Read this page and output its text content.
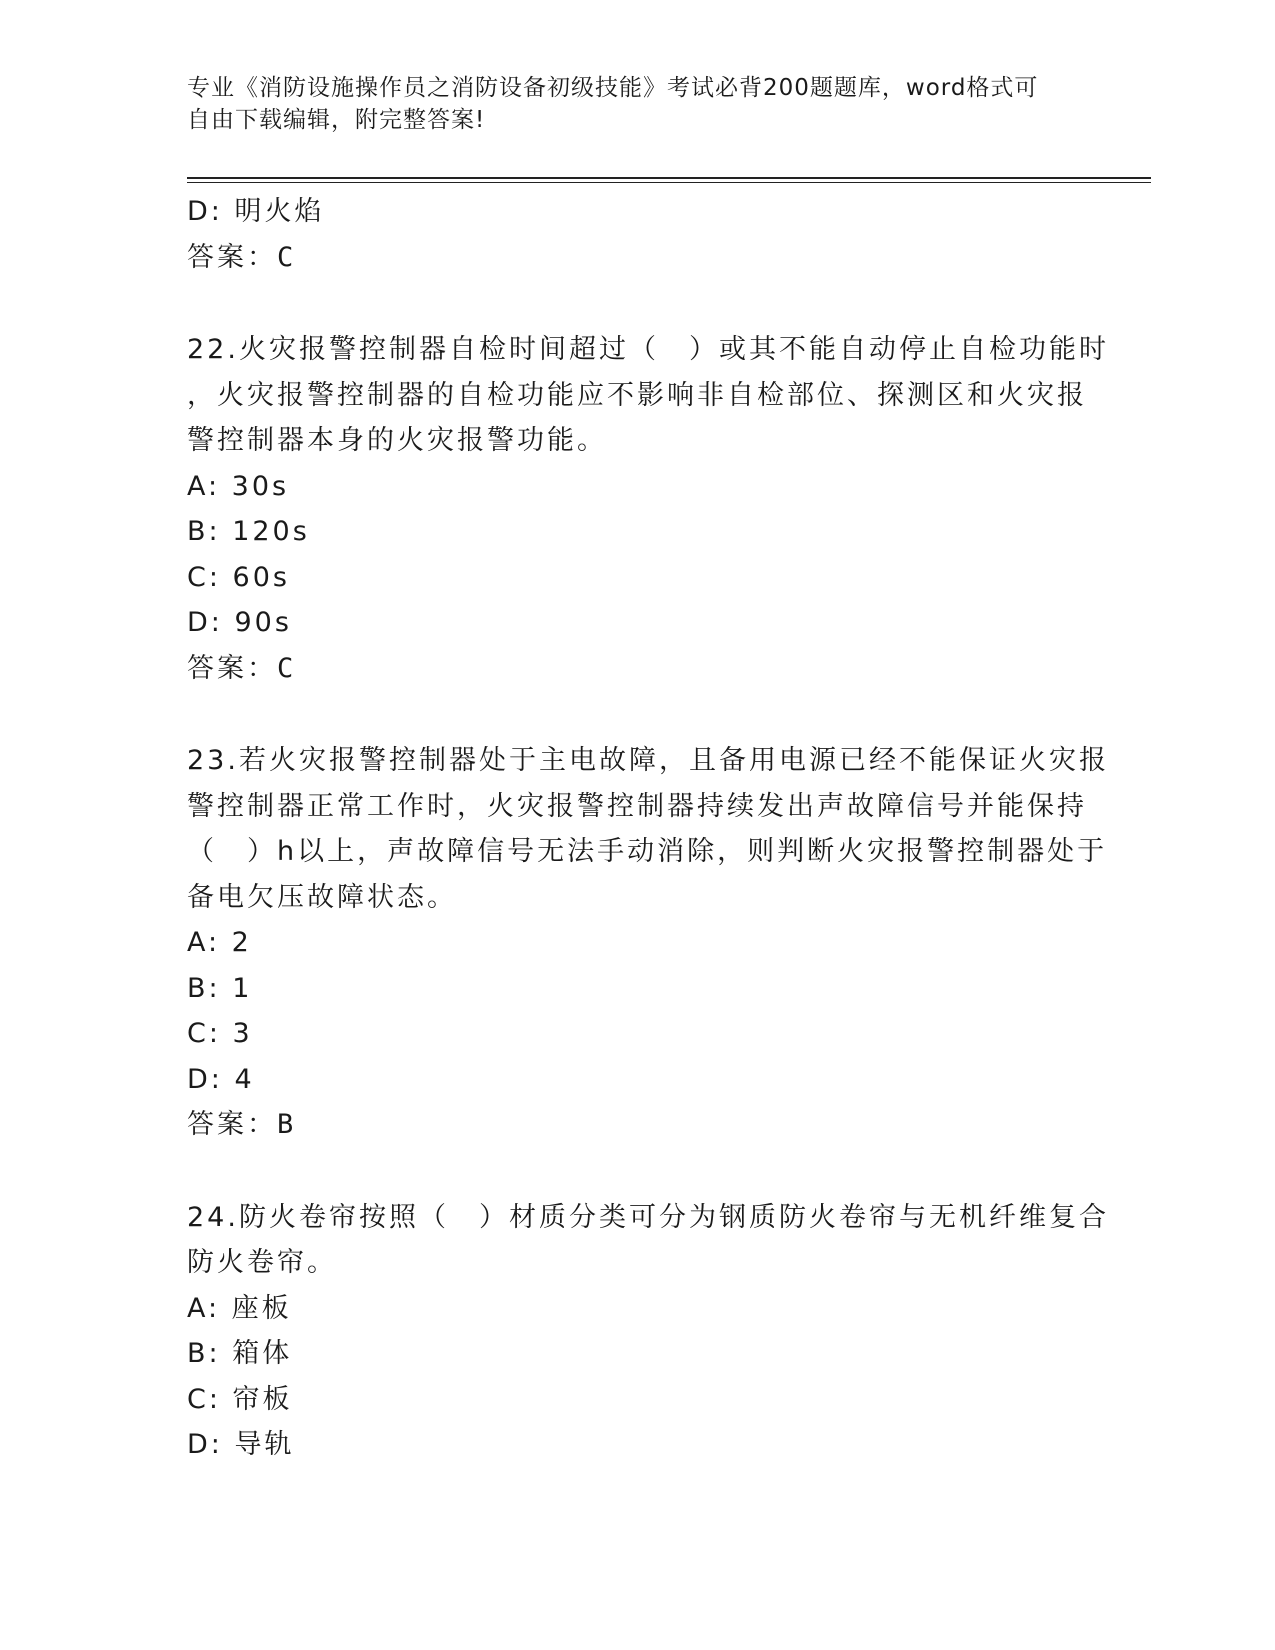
专业《消防设施操作员之消防设备初级技能》考试必背200题题库，word格式可
自由下载编辑，附完整答案!
D: 明火焰
答案：C
22.火灾报警控制器自检时间超过（　）或其不能自动停止自检功能时
，火灾报警控制器的自检功能应不影响非自检部位、探测区和火灾报
警控制器本身的火灾报警功能。
A: 30s
B: 120s
C: 60s
D: 90s
答案：C
23.若火灾报警控制器处于主电故障，且备用电源已经不能保证火灾报
警控制器正常工作时，火灾报警控制器持续发出声故障信号并能保持
（　）h以上，声故障信号无法手动消除，则判断火灾报警控制器处于
备电欠压故障状态。
A: 2
B: 1
C: 3
D: 4
答案：B
24.防火卷帘按照（　）材质分类可分为钢质防火卷帘与无机纤维复合
防火卷帘。
A: 座板
B: 箱体
C: 帘板
D: 导轨
